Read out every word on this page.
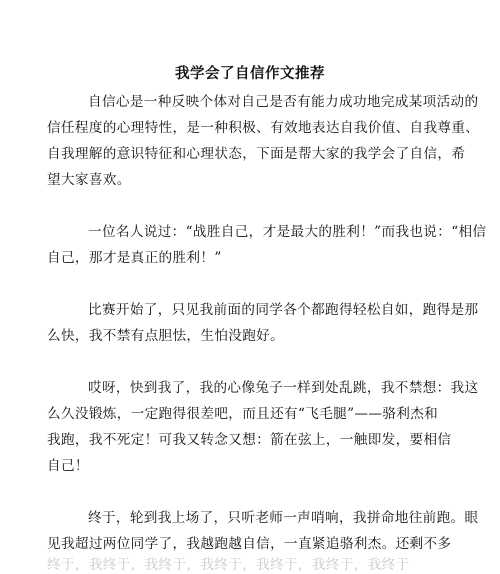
我学会了自信作文推荐
自信心是一种反映个体对自己是否有能力成功地完成某项活动的
信任程度的心理特性，是一种积极、有效地表达自我价值、自我尊重、
自我理解的意识特征和心理状态，下面是帮大家的我学会了自信，希
望大家喜欢。
一位名人说过：“战胜自己，才是最大的胜利！”而我也说：“相信
自己，那才是真正的胜利！”
比赛开始了，只见我前面的同学各个都跑得轻松自如，跑得是那
么快，我不禁有点胆怯，生怕没跑好。
哎呀，快到我了，我的心像兔子一样到处乱跳，我不禁想：我这
么久没锻炼，一定跑得很差吧，而且还有“飞毛腿”——骆利杰和
我跑，我不死定！可我又转念又想：箭在弦上，一触即发，要相信
自己！
终于，轮到我上场了，只听老师一声哨响，我拼命地往前跑。眼
见我超过两位同学了，我越跑越自信，一直紧追骆利杰。还剩不多
终于，我终于，我终于，我终于，我终于，我终于，我终于
